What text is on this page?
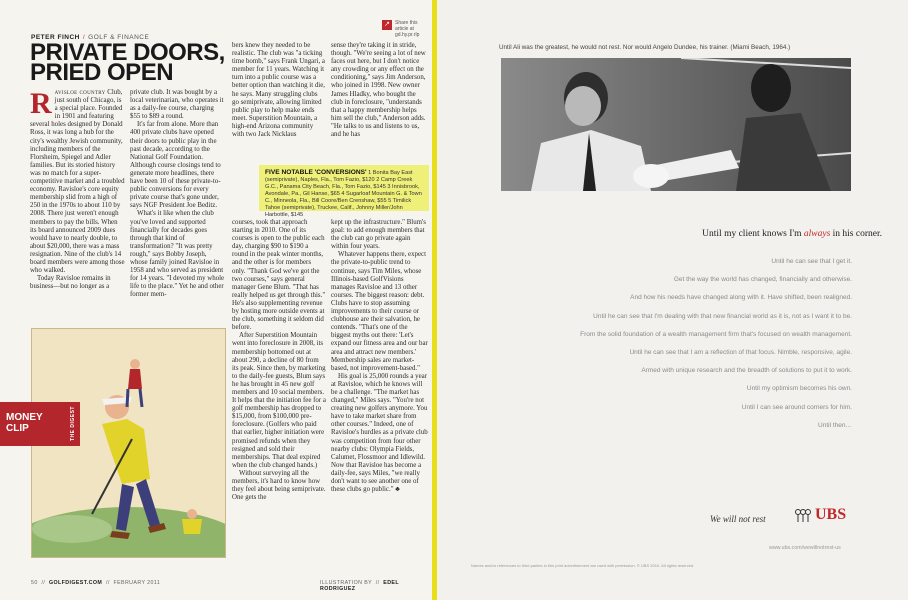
PETER FINCH / GOLF & FINANCE
PRIVATE DOORS, PRIED OPEN
↗	Share this article at gd.hy.pr.rlp

Ravisloe country Club, just south of Chicago, is a special place. Founded in 1901 and featuring several holes designed by Donald Ross, it was long a hub for the city's wealthy Jewish community, including members of the Florsheim, Spiegel and Adler families. But its storied history was no match for a super-competitive market and a troubled economy. Ravisloe's core equity membership slid from a high of 250 in the 1970s to about 110 by 2008. There just weren't enough members to pay the bills. When its board announced 2009 dues would have to nearly double, to about $20,000, there was a mass resignation. Nine of the club's 14 board members were among those who walked.

Today Ravisloe remains in business—but no longer as a

private club. It was bought by a local veterinarian, who operates it as a daily-fee course, charging $55 to $89 a round.

It's far from alone. More than 400 private clubs have opened their doors to public play in the past decade, according to the National Golf Foundation. Although course closings tend to generate more headlines, there have been 10 of these private-to-public conversions for every private course that's gone under, says NGF President Joe Beditz.

What's it like when the club you've loved and supported financially for decades goes through that kind of transformation? "It was pretty rough," says Bobby Joseph, whose family joined Ravisloe in 1958 and who served as president for 14 years. "I devoted my whole life to the place." Yet he and other former mem-

bers knew they needed to be realistic. The club was "a ticking time bomb," says Frank Ungari, a member for 11 years. Watching it turn into a public course was a better option than watching it die, he says. Many struggling clubs go semiprivate, allowing limited public play to help make ends meet. Superstition Mountain, a high-end Arizona community with two Jack Nicklaus

sense they're taking it in stride, though. "We're seeing a lot of new faces out here, but I don't notice any crowding or any effect on the conditioning," says Jim Anderson, who joined in 1998. New owner James Hladky, who bought the club in foreclosure, "understands that a happy membership helps him sell the club," Anderson adds. "He talks to us and listens to us, and he has

FIVE NOTABLE 'CONVERSIONS' 1 Bonita Bay East (semiprivate), Naples, Fla., Tom Fazio, $120 2 Camp Creek G.C., Panama City Beach, Fla., Tom Fazio, $145 3 Innisbrook, Avondale, Pa., Gil Hanse, $65 4 Sugarloaf Mountain G. & Town C., Minneola, Fla., Bill Coore/Ben Crenshaw, $55 5 Timilick Tahoe (semiprivate), Truckee, Calif., Johnny Miller/John Harbottle, $145

courses, took that approach starting in 2010. One of its courses is open to the public each day, charging $90 to $190 a round in the peak winter months, and the other is for members only. "Thank God we've got the two courses," says general manager Gene Blum. "That has really helped us get through this." He's also supplementing revenue by hosting more outside events at the club, something it seldom did before.

After Superstition Mountain went into foreclosure in 2008, its membership bottomed out at about 290, a decline of 80 from its peak. Since then, by marketing to the daily-fee guests, Blum says he has brought in 45 new golf members and 10 social members. It helps that the initiation fee for a golf membership has dropped to $15,000, from $100,000 pre-foreclosure. (Golfers who paid that earlier, higher initiation were promised refunds when they resigned and sold their memberships. That deal expired when the club changed hands.)

Without surveying all the members, it's hard to know how they feel about being semiprivate. One gets the

kept up the infrastructure." Blum's goal: to add enough members that the club can go private again within four years.

Whatever happens there, expect the private-to-public trend to continue, says Tim Miles, whose Illinois-based GolfVisions manages Ravisloe and 13 other courses. The biggest reason: debt. Clubs have to stop assuming improvements to their course or clubhouse are their salvation, he contends. "That's one of the biggest myths out there: 'Let's expand our fitness area and our bar area and attract new members.' Membership sales are market-based, not improvement-based."

His goal is 25,000 rounds a year at Ravisloe, which he knows will be a challenge. "The market has changed," Miles says. "You're not creating new golfers anymore. You have to take market share from other courses." Indeed, one of Ravisloe's hurdles as a private club was competition from four other nearby clubs: Olympia Fields, Calumet, Flossmoor and Idlewild. Now that Ravisloe has become a daily-fee, says Miles, "we really don't want to see another one of these clubs go public." ♣

MONEY
CLIP	THE DIGEST
50  //  GOLFDIGEST.COM  //  FEBRUARY 2011	ILLUSTRATION BY  //  EDEL RODRIGUEZ
Until Ali was the greatest, he would not rest. Nor would Angelo Dundee, his trainer. (Miami Beach, 1964.)
Until my client knows I'm always in his corner.
Until he can see that I get it.
Get the way the world has changed, financially and otherwise.
And how his needs have changed along with it. Have shifted, been realigned.
Until he can see that I'm dealing with that new financial world as it is, not as I want it to be.
From the solid foundation of a wealth management firm that's focused on wealth management.
Until he can see that I am a reflection of that focus. Nimble, responsive, agile.
Armed with unique research and the breadth of solutions to put it to work.
Until my optimism becomes his own.
Until I can see around corners for him.
Until then…
We will not rest	UBS
www.ubs.com/wewillnotrest-us
Names and/or references to third parties in this print advertisement are used with permission. © UBS 2010. All rights reserved.
